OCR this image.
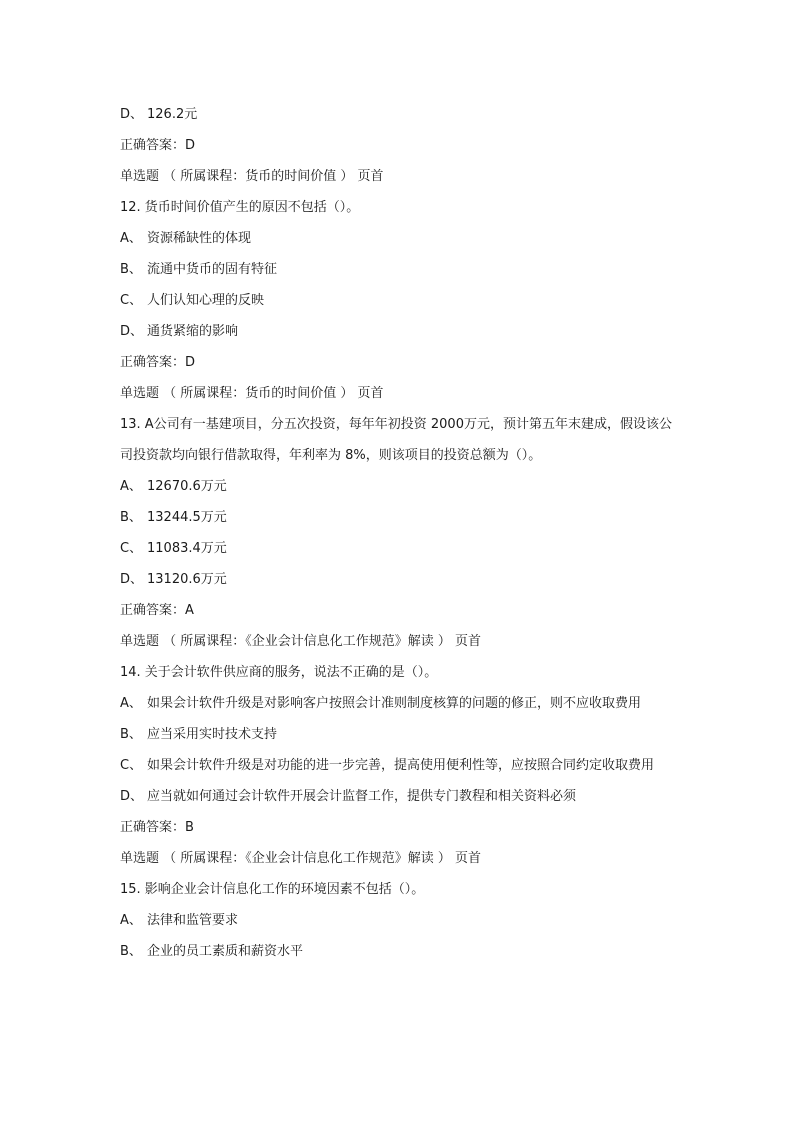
D、 126.2元
正确答案：D
单选题 （ 所属课程：货币的时间价值 ） 页首
12. 货币时间价值产生的原因不包括（）。
A、 资源稀缺性的体现
B、 流通中货币的固有特征
C、 人们认知心理的反映
D、 通货紧缩的影响
正确答案：D
单选题 （ 所属课程：货币的时间价值 ） 页首
13. A公司有一基建项目，分五次投资，每年年初投资 2000万元，预计第五年末建成，假设该公司投资款均向银行借款取得，年利率为 8%，则该项目的投资总额为（）。
A、 12670.6万元
B、 13244.5万元
C、 11083.4万元
D、 13120.6万元
正确答案：A
单选题 （ 所属课程：《企业会计信息化工作规范》解读 ） 页首
14. 关于会计软件供应商的服务，说法不正确的是（）。
A、 如果会计软件升级是对影响客户按照会计准则制度核算的问题的修正，则不应收取费用
B、 应当采用实时技术支持
C、 如果会计软件升级是对功能的进一步完善，提高使用便利性等，应按照合同约定收取费用
D、 应当就如何通过会计软件开展会计监督工作，提供专门教程和相关资料必须
正确答案：B
单选题 （ 所属课程：《企业会计信息化工作规范》解读 ） 页首
15. 影响企业会计信息化工作的环境因素不包括（）。
A、 法律和监管要求
B、 企业的员工素质和薪资水平
